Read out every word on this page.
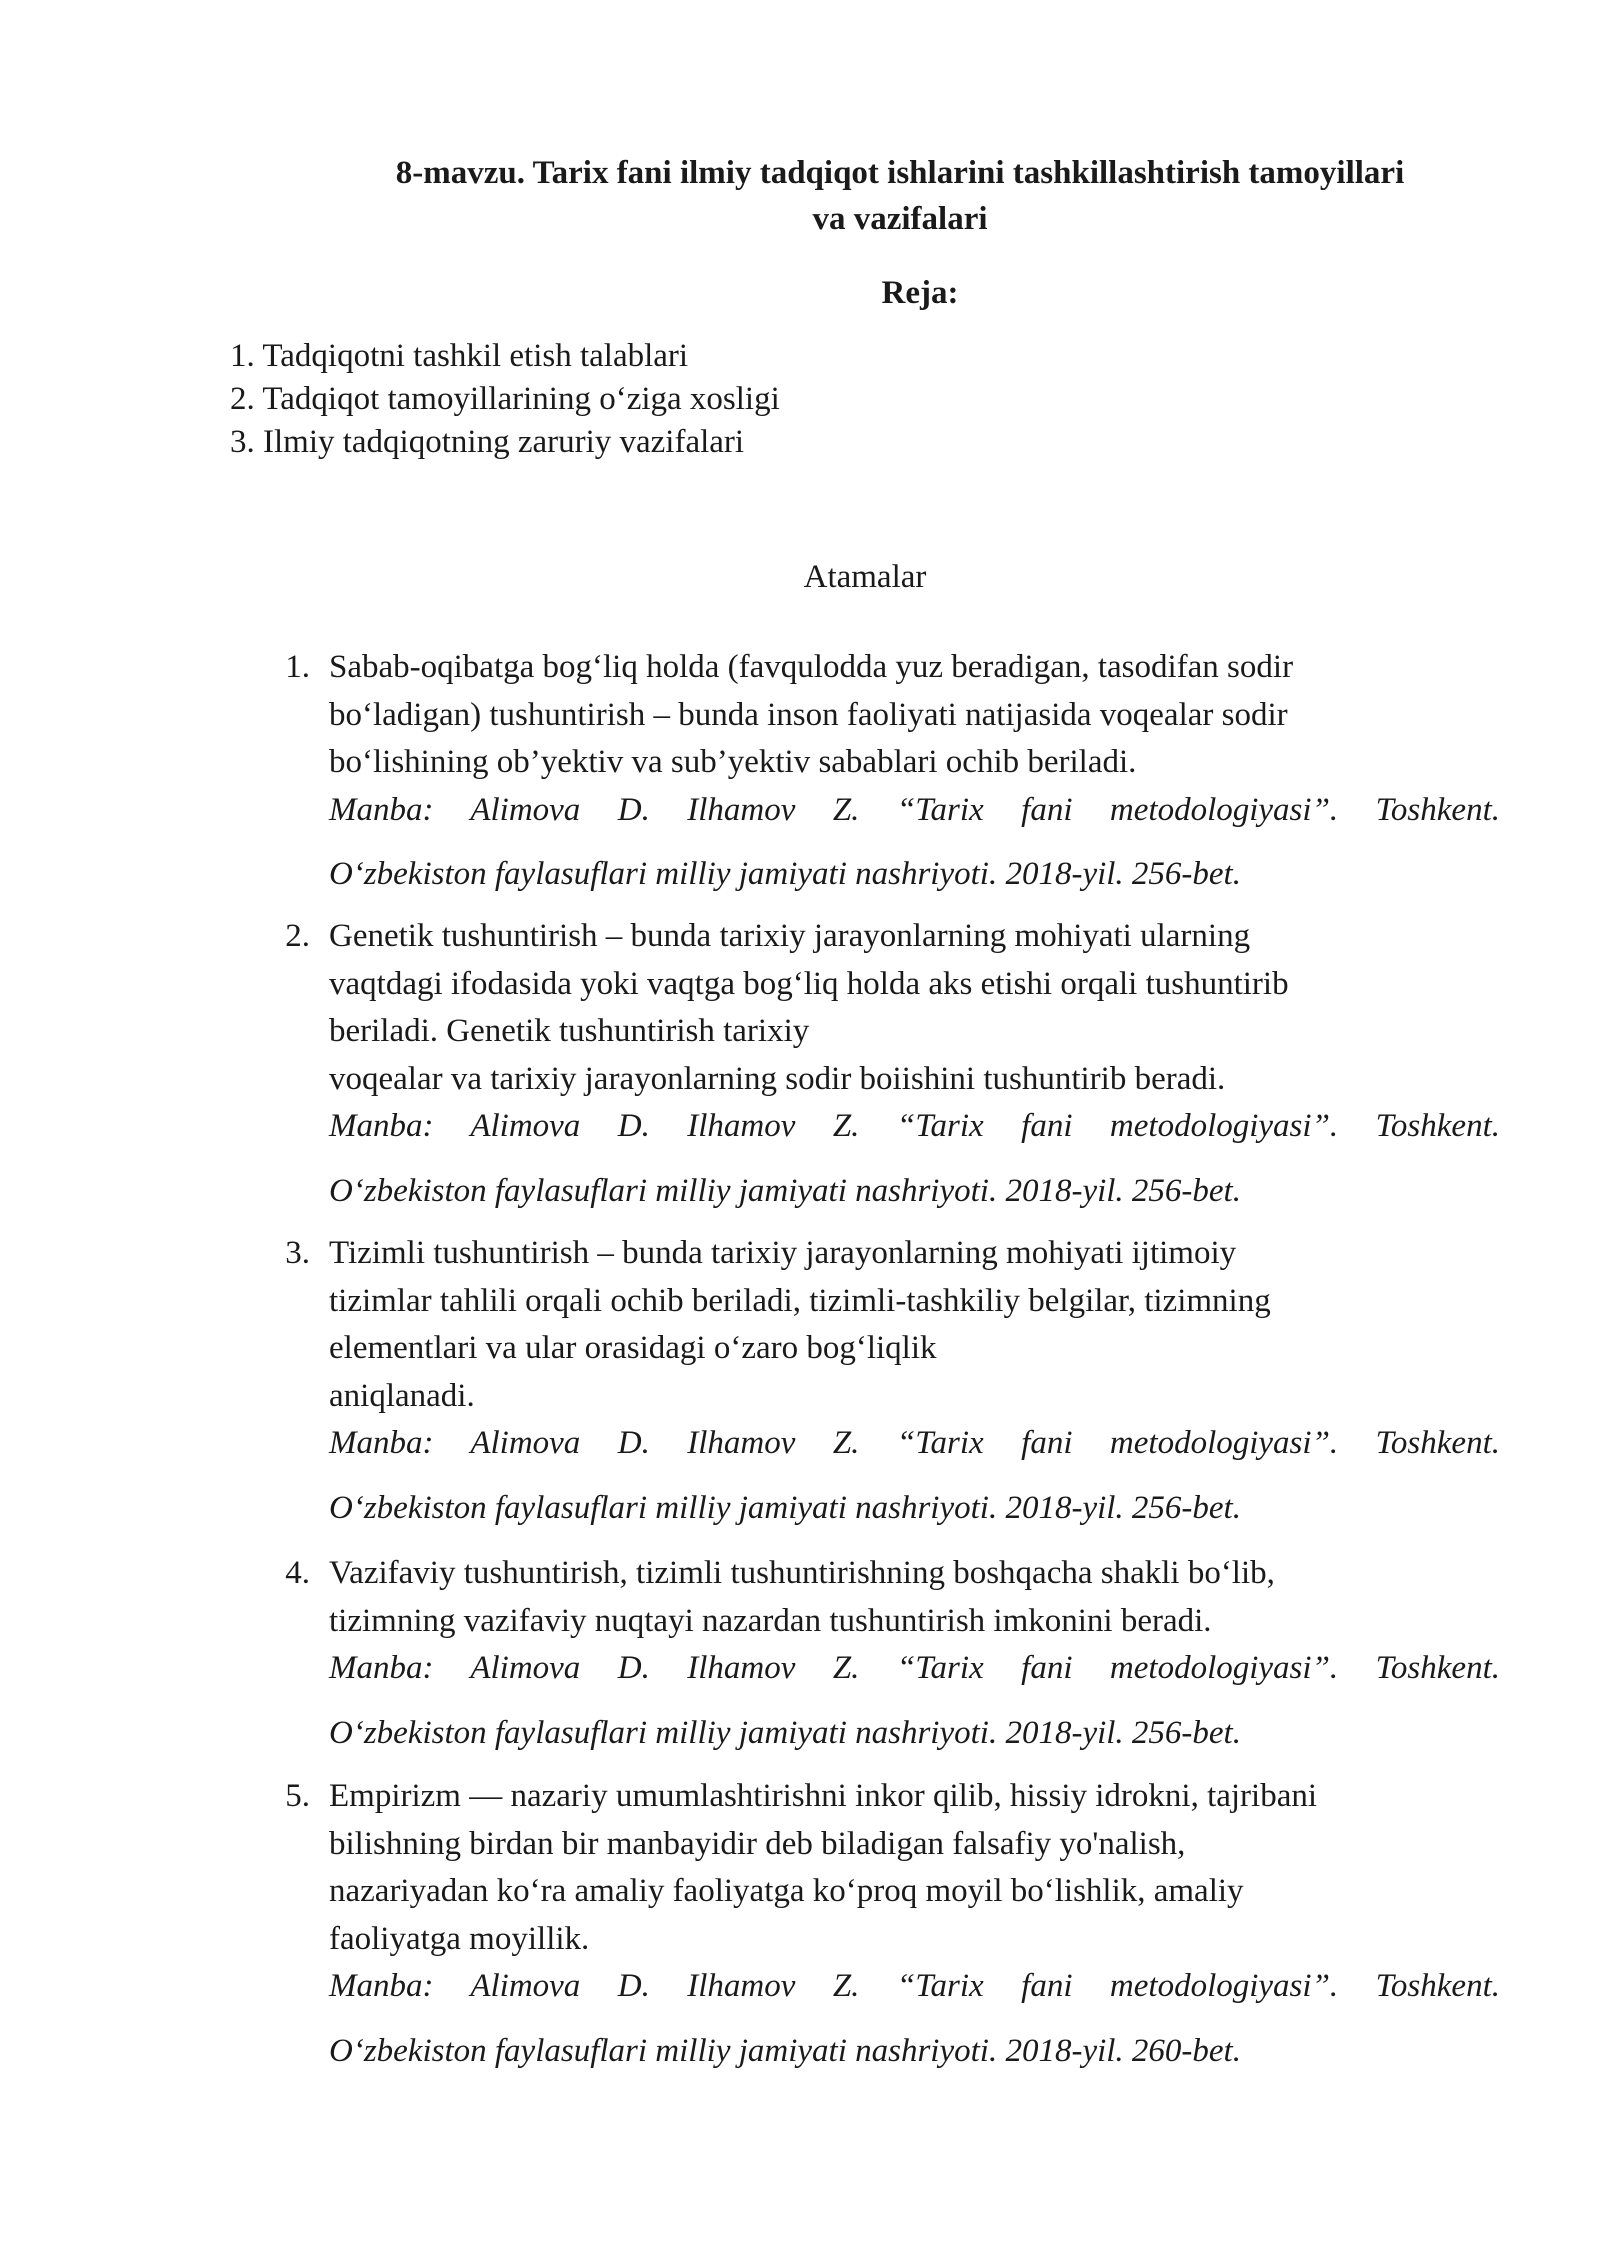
8-mavzu. Tarix fani ilmiy tadqiqot ishlarini tashkillashtirish tamoyillari
va vazifalari
Reja:
1. Tadqiqotni tashkil etish talablari
2. Tadqiqot tamoyillarining o‘ziga xosligi
3. Ilmiy tadqiqotning zaruriy vazifalari
Atamalar
1. Sabab-oqibatga bog‘liq holda (favqulodda yuz beradigan, tasodifan sodir
bo‘ladigan) tushuntirish – bunda inson faoliyati natijasida voqealar sodir
bo‘lishining ob’yektiv va sub’yektiv sabablari ochib beriladi.
Manba: Alimova D. Ilhamov Z. “Tarix fani metodologiyasi”. Toshkent.
O‘zbekiston faylasuflari milliy jamiyati nashriyoti. 2018-yil. 256-bet.
2. Genetik tushuntirish – bunda tarixiy jarayonlarning mohiyati ularning
vaqtdagi ifodasida yoki vaqtga bog‘liq holda aks etishi orqali tushuntirib
beriladi. Genetik tushuntirish tarixiy
voqealar va tarixiy jarayonlarning sodir boiishini tushuntirib beradi.
Manba: Alimova D. Ilhamov Z. “Tarix fani metodologiyasi”. Toshkent.
O‘zbekiston faylasuflari milliy jamiyati nashriyoti. 2018-yil. 256-bet.
3. Tizimli tushuntirish – bunda tarixiy jarayonlarning mohiyati ijtimoiy
tizimlar tahlili orqali ochib beriladi, tizimli-tashkiliy belgilar, tizimning
elementlari va ular orasidagi o‘zaro bog‘liqlik
aniqlanadi.
Manba: Alimova D. Ilhamov Z. “Tarix fani metodologiyasi”. Toshkent.
O‘zbekiston faylasuflari milliy jamiyati nashriyoti. 2018-yil. 256-bet.
4. Vazifaviy tushuntirish, tizimli tushuntirishning boshqacha shakli bo‘lib,
tizimning vazifaviy nuqtayi nazardan tushuntirish imkonini beradi.
Manba: Alimova D. Ilhamov Z. “Tarix fani metodologiyasi”. Toshkent.
O‘zbekiston faylasuflari milliy jamiyati nashriyoti. 2018-yil. 256-bet.
5. Empirizm — nazariy umumlashtirishni inkor qilib, hissiy idrokni, tajribani
bilishning birdan bir manbayidir deb biladigan falsafiy yo'nalish,
nazariyadan ko‘ra amaliy faoliyatga ko‘proq moyil bo‘lishlik, amaliy
faoliyatga moyillik.
Manba: Alimova D. Ilhamov Z. “Tarix fani metodologiyasi”. Toshkent.
O‘zbekiston faylasuflari milliy jamiyati nashriyoti. 2018-yil. 260-bet.
